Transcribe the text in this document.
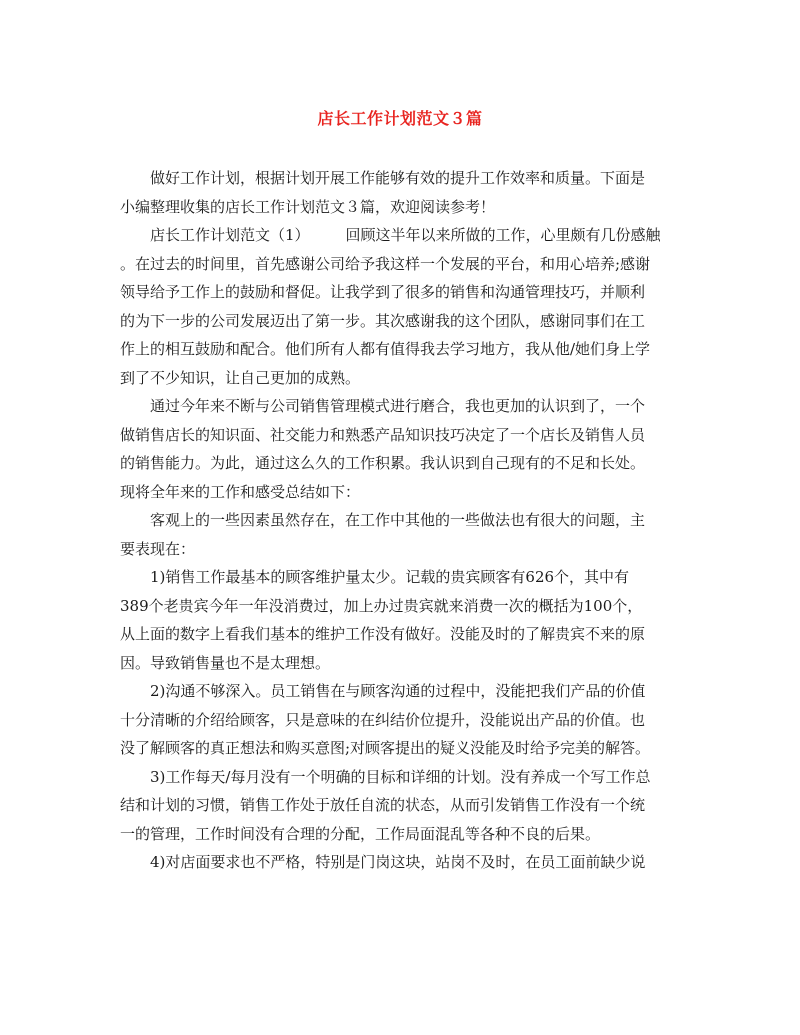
店长工作计划范文３篇
做好工作计划，根据计划开展工作能够有效的提升工作效率和质量。下面是
小编整理收集的店长工作计划范文３篇，欢迎阅读参考！
店长工作计划范文（1） 回顾这半年以来所做的工作，心里颇有几份感触
。在过去的时间里，首先感谢公司给予我这样一个发展的平台，和用心培养;感谢
领导给予工作上的鼓励和督促。让我学到了很多的销售和沟通管理技巧，并顺利
的为下一步的公司发展迈出了第一步。其次感谢我的这个团队，感谢同事们在工
作上的相互鼓励和配合。他们所有人都有值得我去学习地方，我从他/她们身上学
到了不少知识，让自己更加的成熟。
通过今年来不断与公司销售管理模式进行磨合，我也更加的认识到了，一个
做销售店长的知识面、社交能力和熟悉产品知识技巧决定了一个店长及销售人员
的销售能力。为此，通过这么久的工作积累。我认识到自己现有的不足和长处。
现将全年来的工作和感受总结如下：
客观上的一些因素虽然存在，在工作中其他的一些做法也有很大的问题，主
要表现在：
1)销售工作最基本的顾客维护量太少。记载的贵宾顾客有626个，其中有
389个老贵宾今年一年没消费过，加上办过贵宾就来消费一次的概括为100个，
从上面的数字上看我们基本的维护工作没有做好。没能及时的了解贵宾不来的原
因。导致销售量也不是太理想。
2)沟通不够深入。员工销售在与顾客沟通的过程中，没能把我们产品的价值
十分清晰的介绍给顾客，只是意味的在纠结价位提升，没能说出产品的价值。也
没了解顾客的真正想法和购买意图;对顾客提出的疑义没能及时给予完美的解答。
3)工作每天/每月没有一个明确的目标和详细的计划。没有养成一个写工作总
结和计划的习惯，销售工作处于放任自流的状态，从而引发销售工作没有一个统
一的管理，工作时间没有合理的分配，工作局面混乱等各种不良的后果。
4)对店面要求也不严格，特别是门岗这块，站岗不及时，在员工面前缺少说
